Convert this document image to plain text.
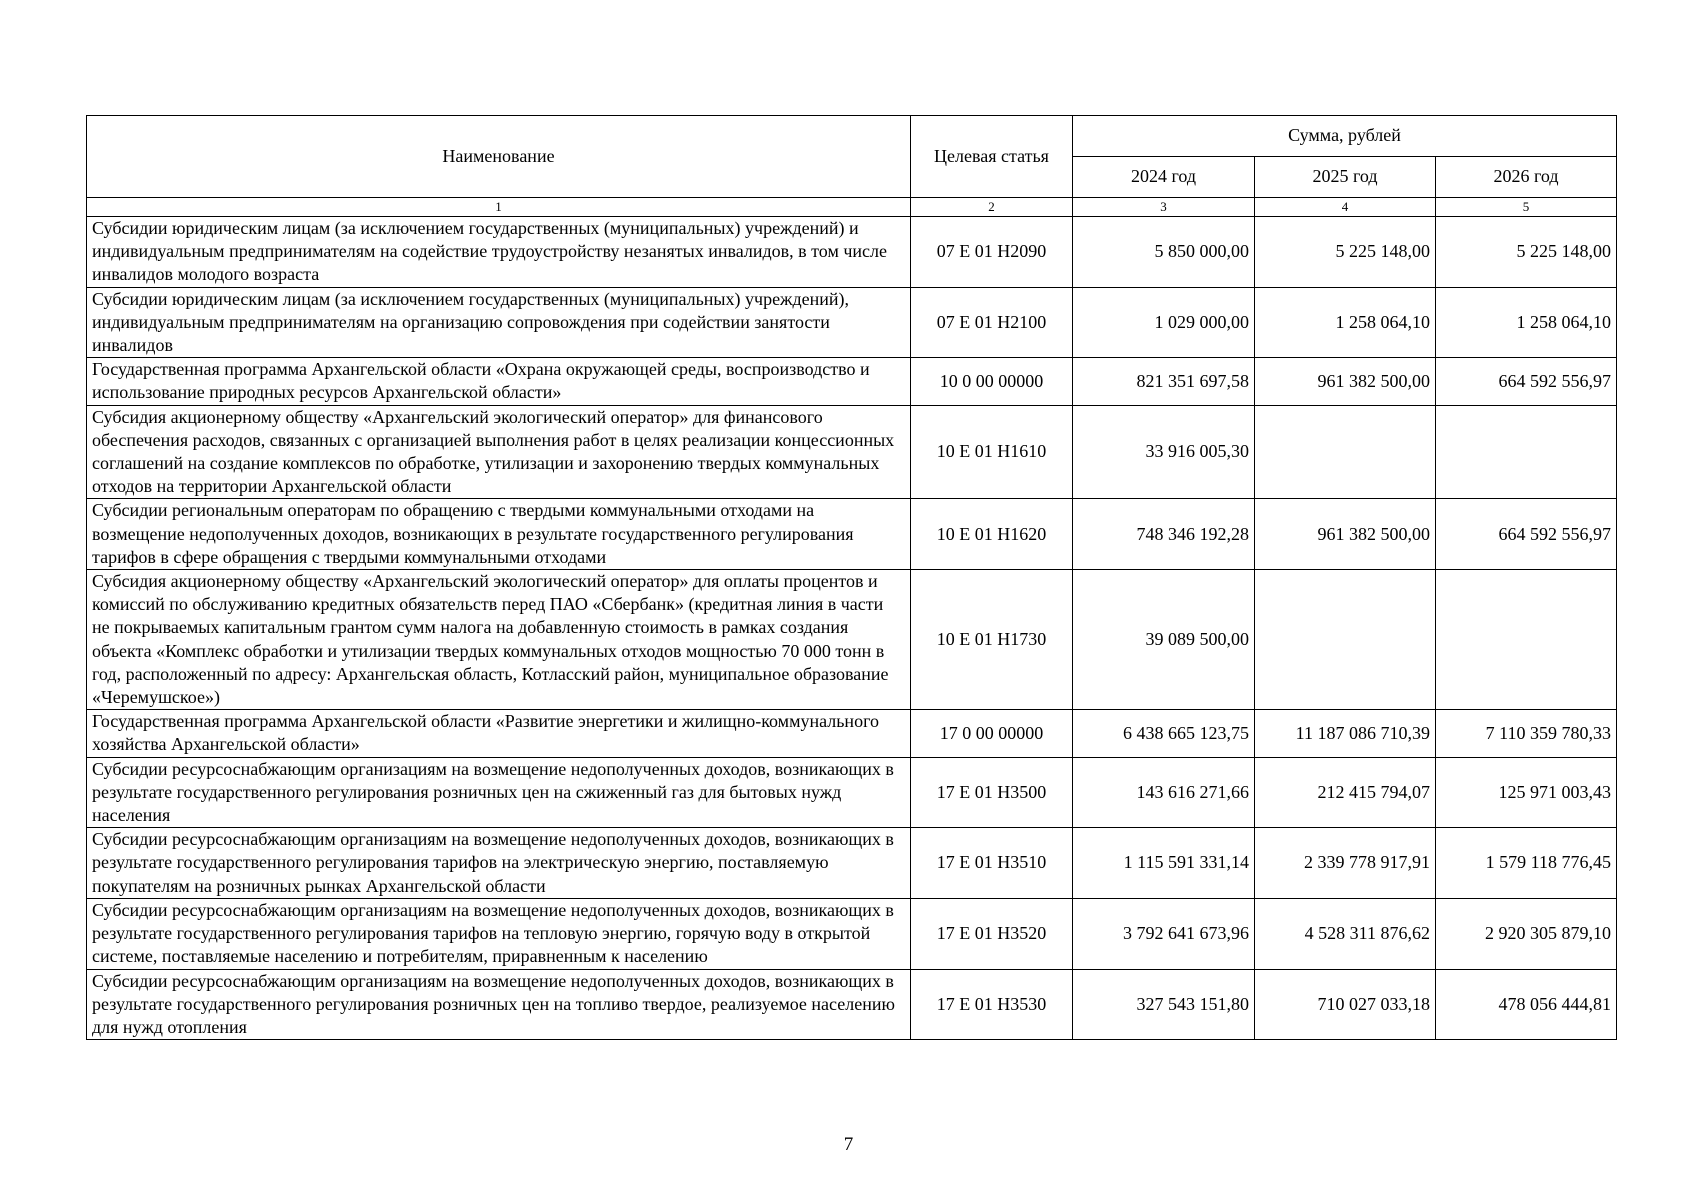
Наименование	Целевая статья	Сумма, рублей		
		2024 год	2025 год	2026 год
1	2	3	4	5
Субсидии юридическим лицам (за исключением государственных (муниципальных) учреждений) и индивидуальным предпринимателям на содействие трудоустройству незанятых инвалидов, в том числе инвалидов молодого возраста	07 Е 01 Н2090	5 850 000,00	5 225 148,00	5 225 148,00
Субсидии юридическим лицам (за исключением государственных (муниципальных) учреждений), индивидуальным предпринимателям на организацию сопровождения при содействии занятости инвалидов	07 Е 01 Н2100	1 029 000,00	1 258 064,10	1 258 064,10
Государственная программа Архангельской области «Охрана окружающей среды, воспроизводство и использование природных ресурсов Архангельской области»	10 0 00 00000	821 351 697,58	961 382 500,00	664 592 556,97
Субсидия акционерному обществу «Архангельский экологический оператор» для финансового обеспечения расходов, связанных с организацией выполнения работ в целях реализации концессионных соглашений на создание комплексов по обработке, утилизации и захоронению твердых коммунальных отходов на территории Архангельской области	10 Е 01 Н1610	33 916 005,30		
Субсидии региональным операторам по обращению с твердыми коммунальными отходами на возмещение недополученных доходов, возникающих в результате государственного регулирования тарифов в сфере обращения с твердыми коммунальными отходами	10 Е 01 Н1620	748 346 192,28	961 382 500,00	664 592 556,97
Субсидия акционерному обществу «Архангельский экологический оператор» для оплаты процентов и комиссий по обслуживанию кредитных обязательств перед ПАО «Сбербанк» (кредитная линия в части не покрываемых капитальным грантом сумм налога на добавленную стоимость в рамках создания объекта «Комплекс обработки и утилизации твердых коммунальных отходов мощностью 70 000 тонн в год, расположенный по адресу: Архангельская область, Котласский район, муниципальное образование «Черемушское»)	10 Е 01 Н1730	39 089 500,00		
Государственная программа Архангельской области «Развитие энергетики и жилищно-коммунального хозяйства Архангельской области»	17 0 00 00000	6 438 665 123,75	11 187 086 710,39	7 110 359 780,33
Субсидии ресурсоснабжающим организациям на возмещение недополученных доходов, возникающих в результате государственного регулирования розничных цен на сжиженный газ для бытовых нужд населения	17 Е 01 Н3500	143 616 271,66	212 415 794,07	125 971 003,43
Субсидии ресурсоснабжающим организациям на возмещение недополученных доходов, возникающих в результате государственного регулирования тарифов на электрическую энергию, поставляемую покупателям на розничных рынках Архангельской области	17 Е 01 Н3510	1 115 591 331,14	2 339 778 917,91	1 579 118 776,45
Субсидии ресурсоснабжающим организациям на возмещение недополученных доходов, возникающих в результате государственного регулирования тарифов на тепловую энергию, горячую воду в открытой системе, поставляемые населению и потребителям, приравненным к населению	17 Е 01 Н3520	3 792 641 673,96	4 528 311 876,62	2 920 305 879,10
Субсидии ресурсоснабжающим организациям на возмещение недополученных доходов, возникающих в результате государственного регулирования розничных цен на топливо твердое, реализуемое населению для нужд отопления	17 Е 01 Н3530	327 543 151,80	710 027 033,18	478 056 444,81
7
